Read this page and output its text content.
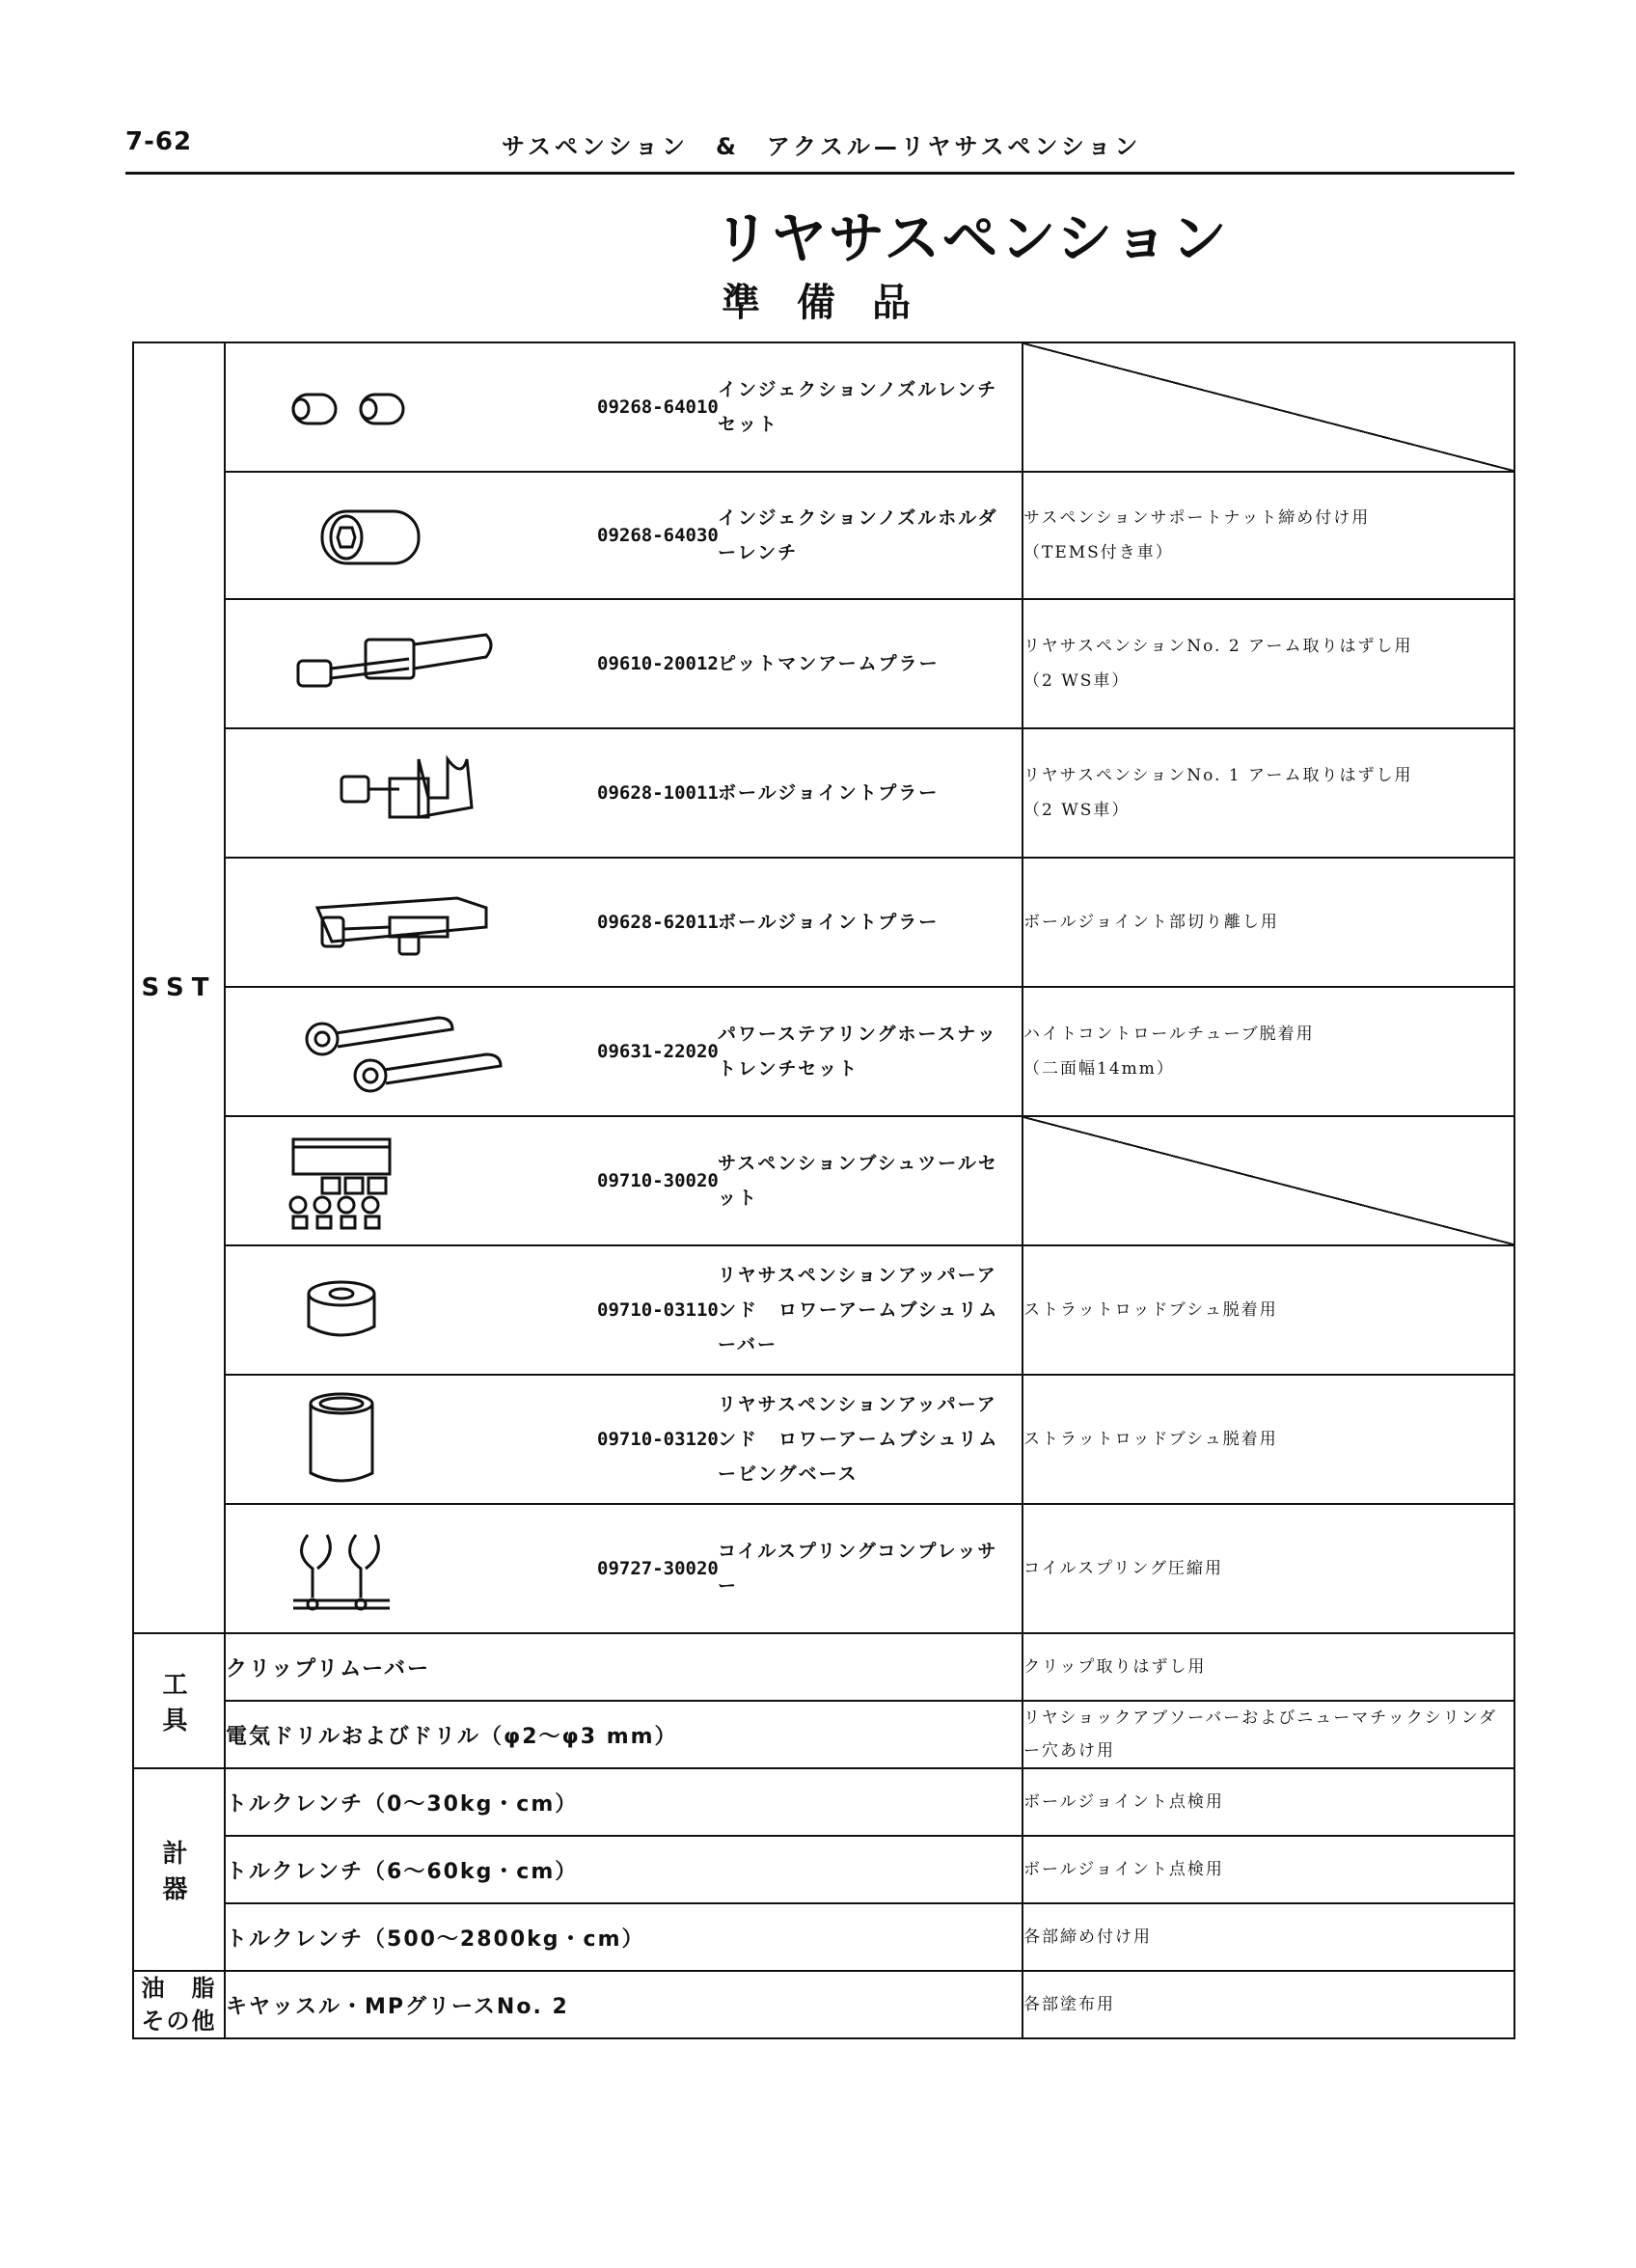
7-62	サスペンション　&　アクスル—リヤサスペンション
リヤサスペンション
準備品
SST	09268-64010
インジェクションノズルレンチセット	

	09268-64030
インジェクションノズルホルダーレンチ	サスペンションサポートナット締め付け用
（TEMS付き車）

	09610-20012 ピットマンアームプラー	リヤサスペンションNo. 2 アーム取りはずし用
（2 WS車）

	09628-10011 ボールジョイントプラー	リヤサスペンションNo. 1 アーム取りはずし用
（2 WS車）

	09628-62011 ボールジョイントプラー	ボールジョイント部切り離し用

	09631-22020
パワーステアリングホースナットレンチセット	ハイトコントロールチューブ脱着用
（二面幅14mm）

	09710-30020
サスペンションブシュツールセット	

	09710-03110
リヤサスペンションアッパーアンド　ロワーアームブシュリムーバー	ストラットロッドブシュ脱着用

	09710-03120
リヤサスペンションアッパーアンド　ロワーアームブシュリムービングベース	ストラットロッドブシュ脱着用

	09727-30020
コイルスプリングコンプレッサー	コイルスプリング圧縮用
工　具	クリップリムーバー	クリップ取りはずし用
	電気ドリルおよびドリル（φ2～φ3 mm）	リヤショックアブソーバーおよびニューマチックシリンダー穴あけ用
計　器	トルクレンチ（0～30kg・cm）	ボールジョイント点検用
	トルクレンチ（6～60kg・cm）	ボールジョイント点検用
	トルクレンチ（500～2800kg・cm）	各部締め付け用
油　脂
その他	キヤッスル・MPグリースNo. 2	各部塗布用
